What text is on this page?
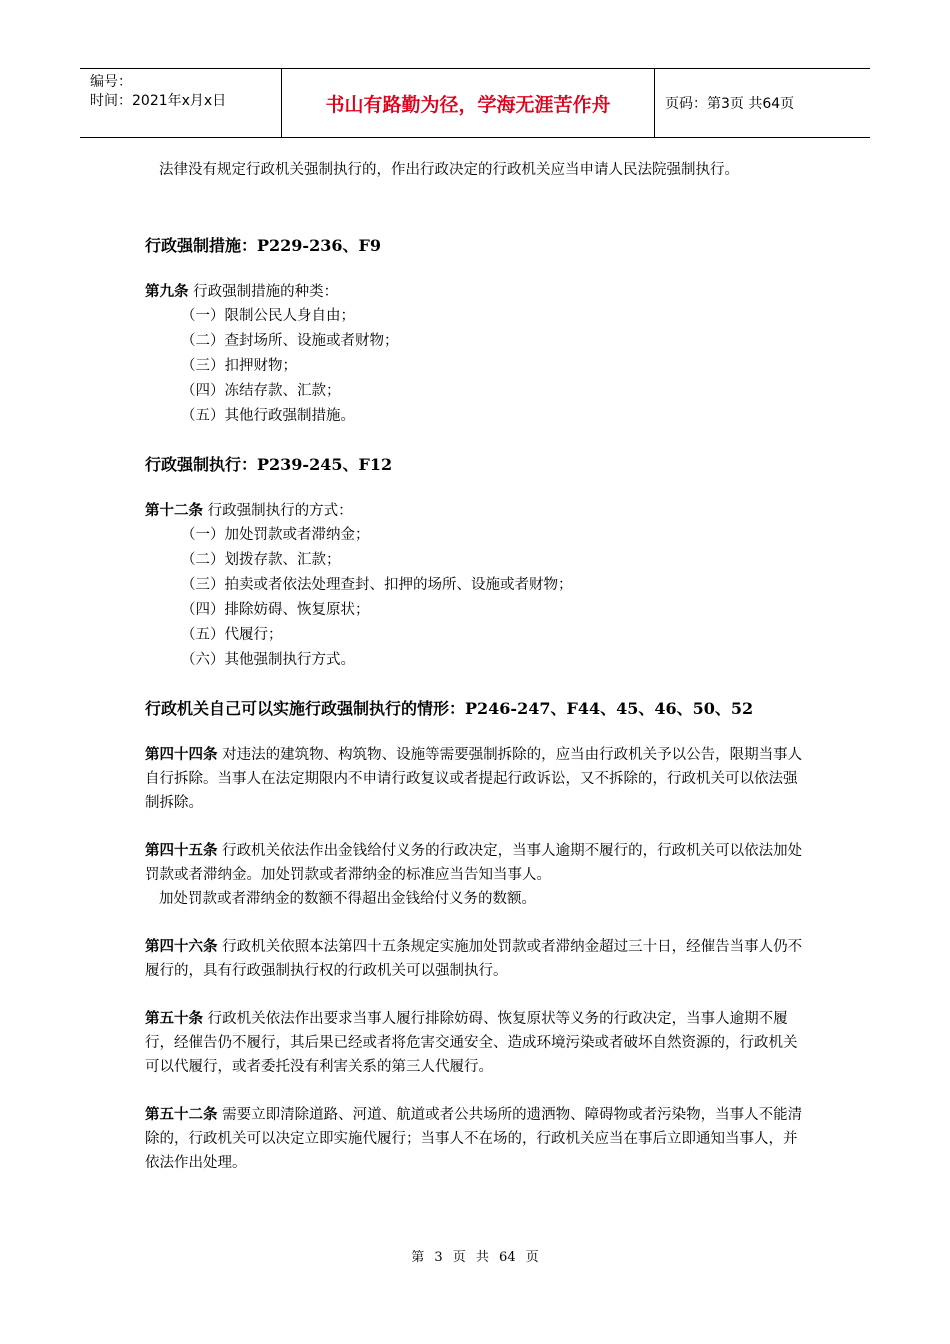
编号：
时间：2021年x月x日	书山有路勤为径，学海无涯苦作舟	页码：第3页 共64页

法律没有规定行政机关强制执行的，作出行政决定的行政机关应当申请人民法院强制执行。

行政强制措施：P229-236、F9

第九条 行政强制措施的种类：

（一）限制公民人身自由；
（二）查封场所、设施或者财物；
（三）扣押财物；
（四）冻结存款、汇款；
（五）其他行政强制措施。

行政强制执行：P239-245、F12

第十二条 行政强制执行的方式：

（一）加处罚款或者滞纳金；
（二）划拨存款、汇款；
（三）拍卖或者依法处理查封、扣押的场所、设施或者财物；
（四）排除妨碍、恢复原状；
（五）代履行；
（六）其他强制执行方式。

行政机关自己可以实施行政强制执行的情形：P246-247、F44、45、46、50、52

第四十四条 对违法的建筑物、构筑物、设施等需要强制拆除的，应当由行政机关予以公告，限期当事人自行拆除。当事人在法定期限内不申请行政复议或者提起行政诉讼，又不拆除的，行政机关可以依法强制拆除。

第四十五条 行政机关依法作出金钱给付义务的行政决定，当事人逾期不履行的，行政机关可以依法加处罚款或者滞纳金。加处罚款或者滞纳金的标准应当告知当事人。

加处罚款或者滞纳金的数额不得超出金钱给付义务的数额。

第四十六条 行政机关依照本法第四十五条规定实施加处罚款或者滞纳金超过三十日，经催告当事人仍不履行的，具有行政强制执行权的行政机关可以强制执行。

第五十条 行政机关依法作出要求当事人履行排除妨碍、恢复原状等义务的行政决定，当事人逾期不履行，经催告仍不履行，其后果已经或者将危害交通安全、造成环境污染或者破坏自然资源的，行政机关可以代履行，或者委托没有利害关系的第三人代履行。

第五十二条 需要立即清除道路、河道、航道或者公共场所的遗洒物、障碍物或者污染物，当事人不能清除的，行政机关可以决定立即实施代履行；当事人不在场的，行政机关应当在事后立即通知当事人，并依法作出处理。

第 3 页 共 64 页
